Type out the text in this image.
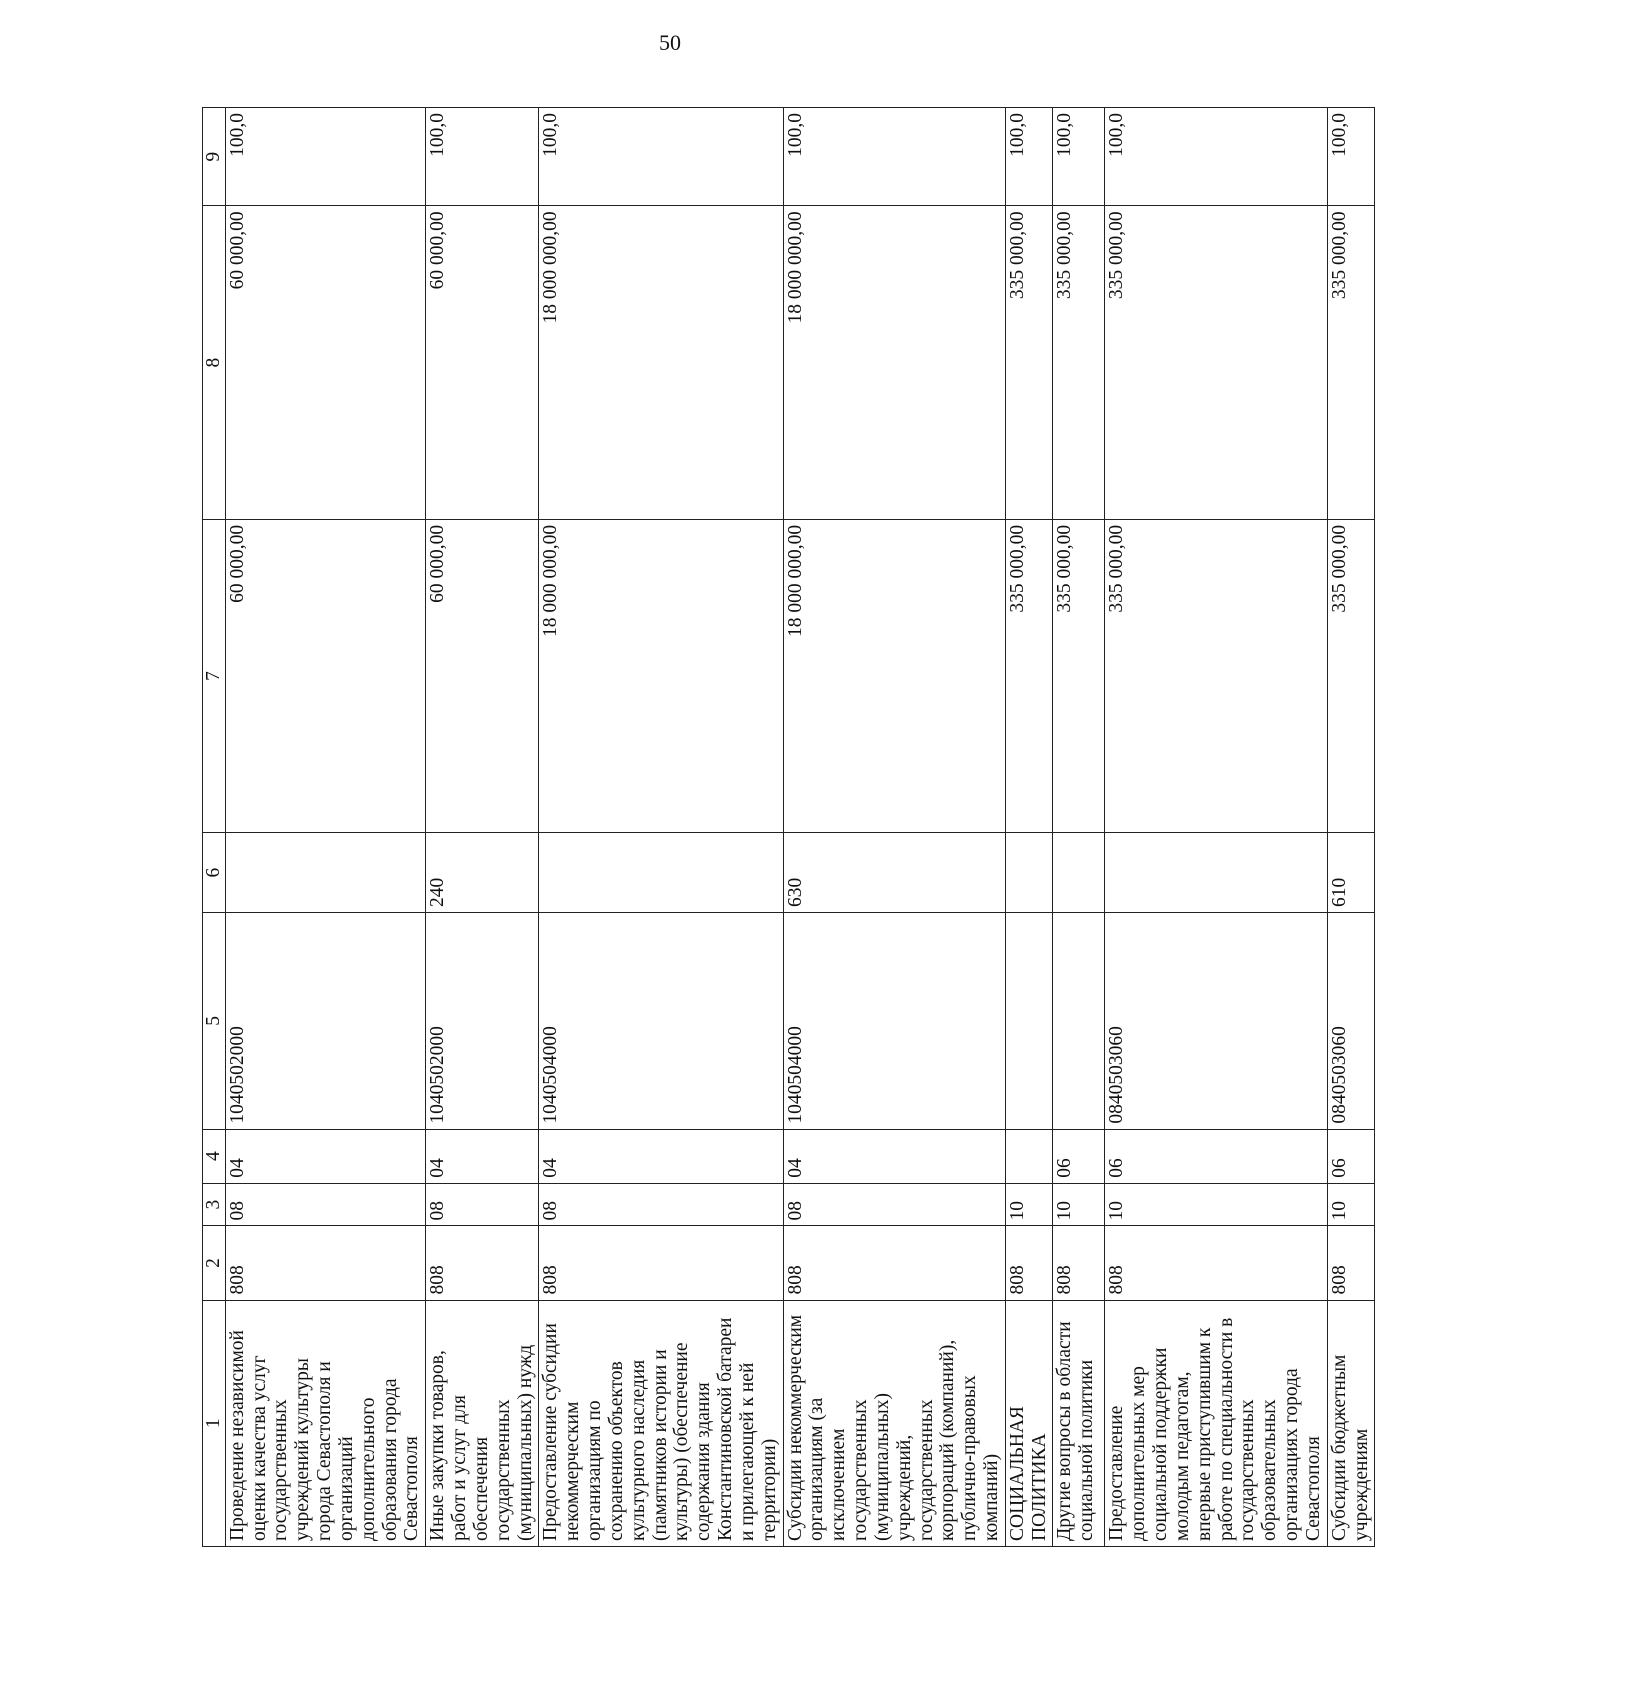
50
1	2	3	4	5	6	7	8	9
Проведение независимой оценки качества услуг государственных учреждений культуры города Севастополя и организаций дополнительного образования города Севастополя	808	08	04	1040502000		60 000,00	60 000,00	100,0
Иные закупки товаров, работ и услуг для обеспечения государственных (муниципальных) нужд	808	08	04	1040502000	240	60 000,00	60 000,00	100,0
Предоставление субсидии некоммерческим организациям по сохранению объектов культурного наследия (памятников истории и культуры) (обеспечение содержания здания Константиновской батареи и прилегающей к ней территории)	808	08	04	1040504000		18 000 000,00	18 000 000,00	100,0
Субсидии некоммерческим организациям (за исключением государственных (муниципальных) учреждений, государственных корпораций (компаний), публично-правовых компаний)	808	08	04	1040504000	630	18 000 000,00	18 000 000,00	100,0
СОЦИАЛЬНАЯ ПОЛИТИКА	808	10				335 000,00	335 000,00	100,0
Другие вопросы в области социальной политики	808	10	06			335 000,00	335 000,00	100,0
Предоставление дополнительных мер социальной поддержки молодым педагогам, впервые приступившим к работе по специальности в государственных образовательных организациях города Севастополя	808	10	06	0840503060		335 000,00	335 000,00	100,0
Субсидии бюджетным учреждениям	808	10	06	0840503060	610	335 000,00	335 000,00	100,0
